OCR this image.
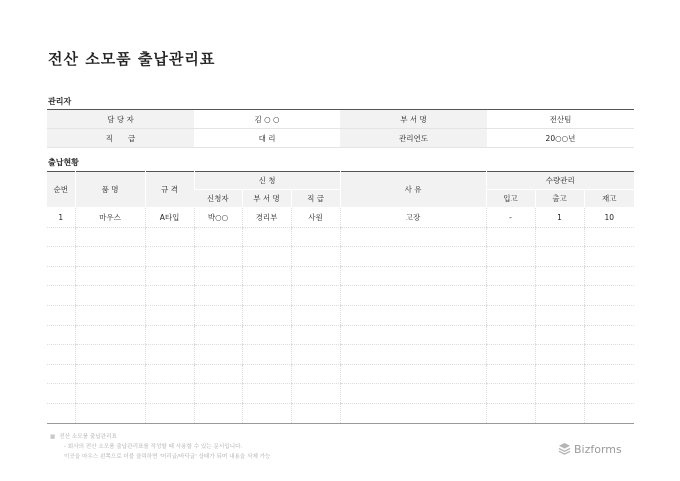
전산 소모품 출납관리표
관리자
담 당 자	김 ○ ○	부 서 명	전산팀
직　　급	대 리	관리연도	20○○년
출납현황
순번	품 명	규 격	신 청			사 유	수량관리		
			신청자	부 서 명	직 급		입고	출고	재고
1	마우스	A타입	박○○	경리부	사원	고장	-	1	10

■ 전산 소모품 출납관리표
- 회사의 전산 소모품 출납관리표를 작성할 때 사용할 수 있는 문서입니다.
이곳을 마우스 왼쪽으로 더블 클릭하면 '머리글/바닥글' 상태가 되며 내용을 삭제 가능
Bizforms
